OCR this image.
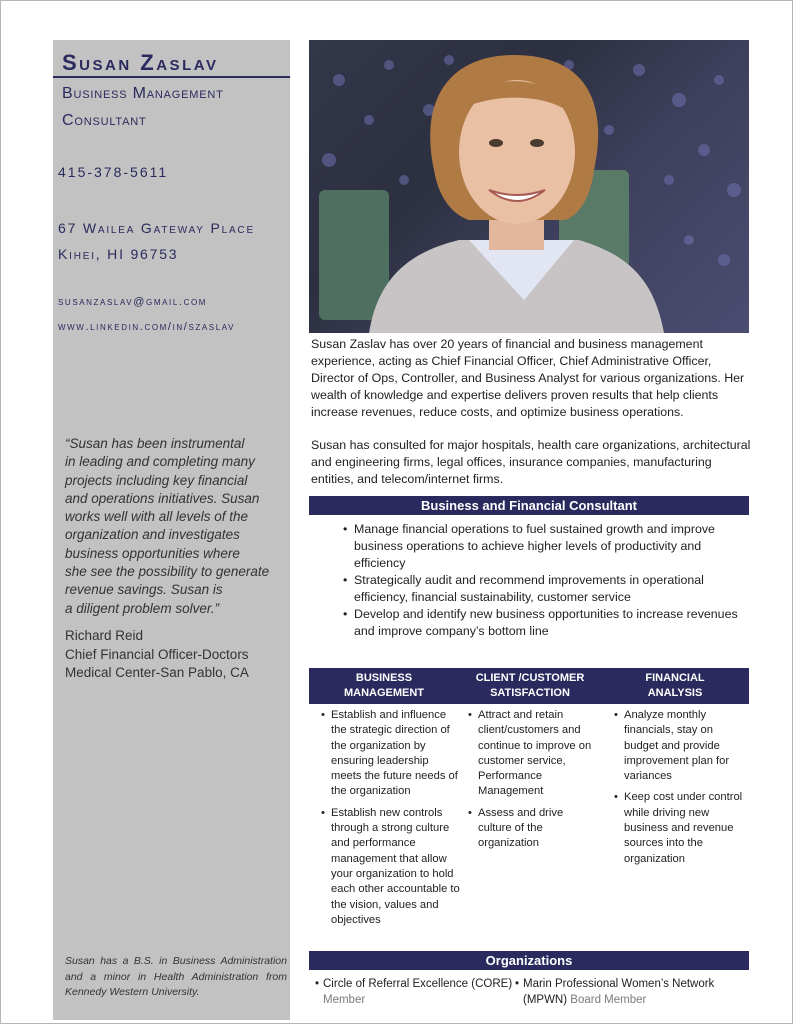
Susan Zaslav
Business Management
Consultant
415-378-5611
67 Wailea Gateway Place
Kihei, HI 96753
susanzaslav@gmail.com
www.linkedin.com/in/szaslav
“Susan has been instrumental
in leading and completing many
projects including key financial
and operations initiatives. Susan
works well with all levels of the
organization and investigates
business opportunities where
she see the possibility to generate
revenue savings. Susan is
a diligent problem solver.”
Richard Reid
Chief Financial Officer-Doctors
Medical Center-San Pablo, CA
Susan has a B.S. in Business Administration and a minor in Health Administration from Kennedy Western University.

Susan Zaslav has over 20 years of financial and business management experience, acting as Chief Financial Officer, Chief Administrative Officer, Director of Ops, Controller, and Business Analyst for various organizations. Her wealth of knowledge and expertise delivers proven results that help clients increase revenues, reduce costs, and optimize business operations.

Susan has consulted for major hospitals, health care organizations, architectural and engineering firms, legal offices, insurance companies, manufacturing entities, and telecom/internet firms.

Business and Financial Consultant
• Manage financial operations to fuel sustained growth and improve business operations to achieve higher levels of productivity and efficiency
• Strategically audit and recommend improvements in operational efficiency, financial sustainability, customer service
• Develop and identify new business opportunities to increase revenues and improve company’s bottom line
BUSINESS
MANAGEMENT
CLIENT /CUSTOMER
SATISFACTION
FINANCIAL
ANALYSIS
• Establish and influence the strategic direction of the organization by ensuring leadership meets the future needs of the organization
• Establish new controls through a strong culture and performance management that allow your organization to hold each other accountable to the vision, values and objectives
• Attract and retain client/customers and continue to improve on customer service, Performance Management
• Assess and drive culture of the organization
• Analyze monthly financials, stay on budget and provide improvement plan for variances
• Keep cost under control while driving new business and revenue sources into the organization
Organizations
• Circle of Referral Excellence (CORE) Member
• Marin Professional Women’s Network (MPWN) Board Member
